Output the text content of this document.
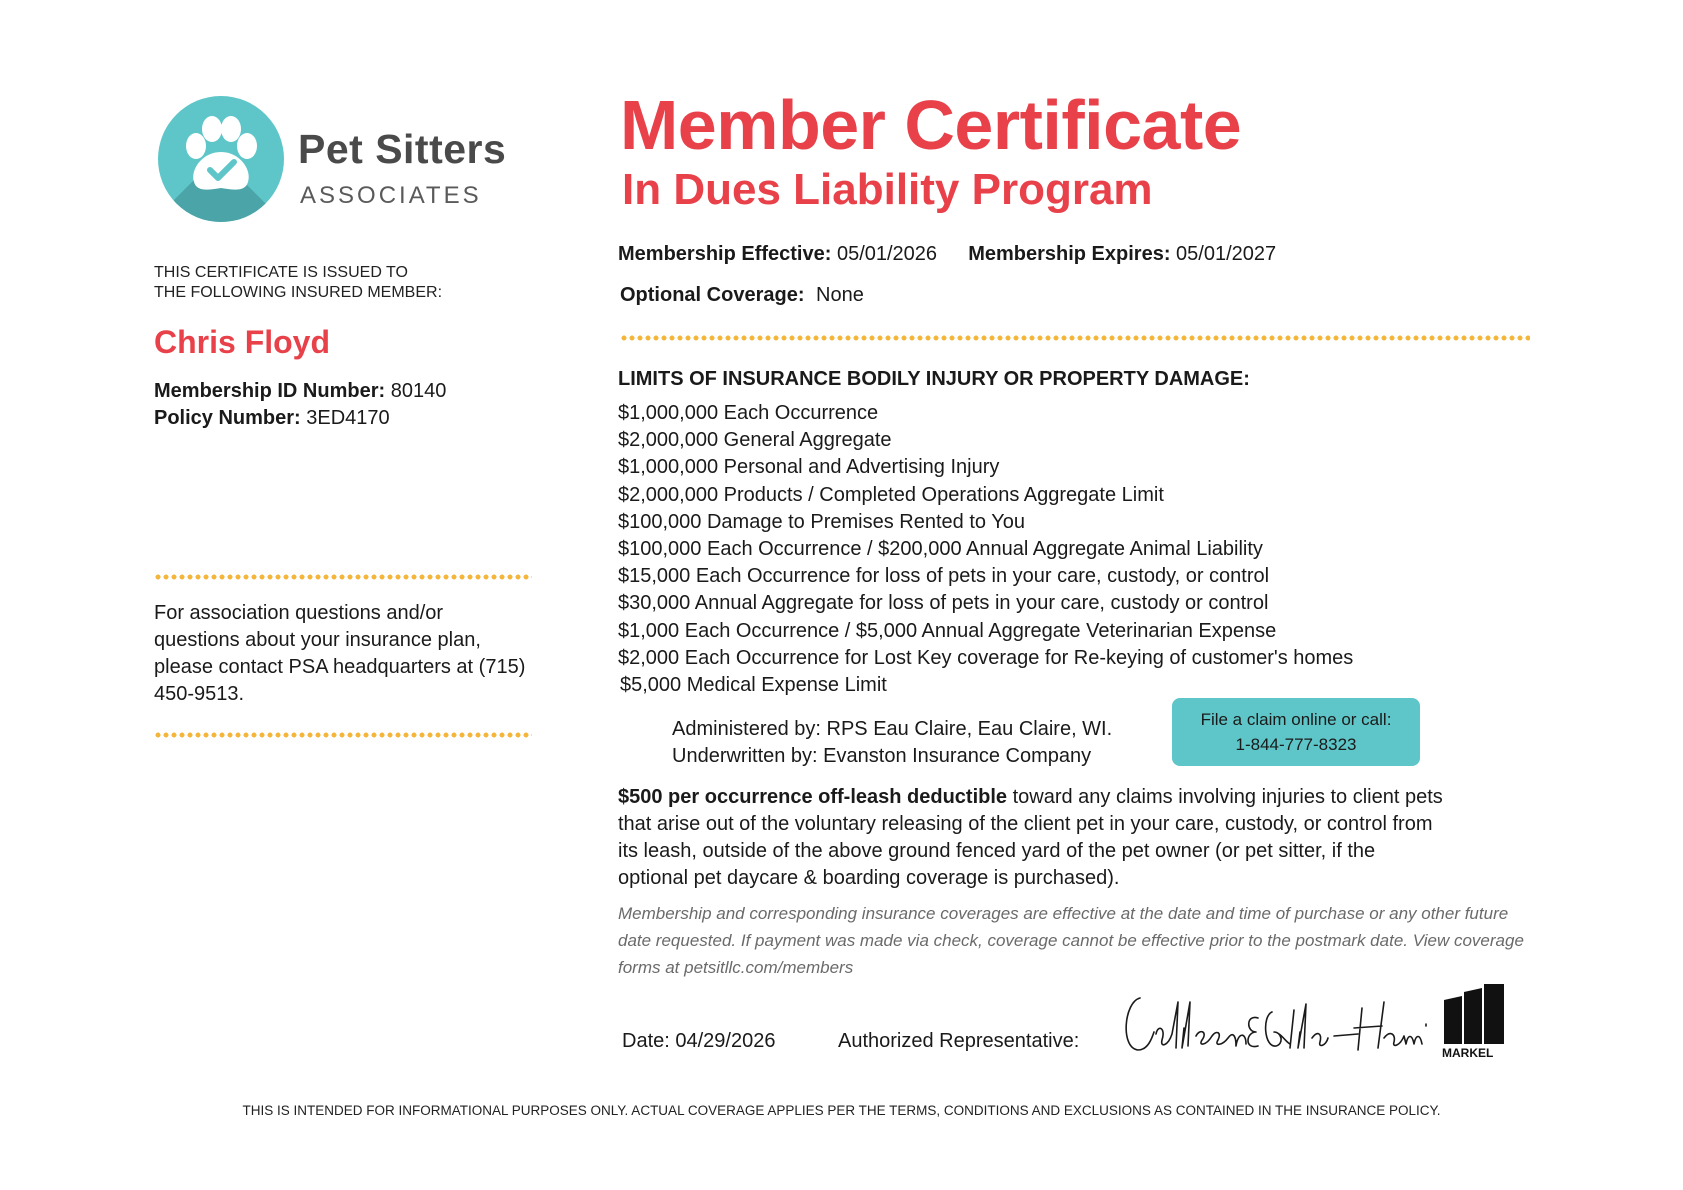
Pet Sitters
ASSOCIATES
Member Certificate
In Dues Liability Program
THIS CERTIFICATE IS ISSUED TO
THE FOLLOWING INSURED MEMBER:
Chris Floyd
Membership ID Number: 80140
Policy Number: 3ED4170
For association questions and/or questions about your insurance plan, please contact PSA headquarters at (715) 450-9513.
Membership Effective: 05/01/2026 Membership Expires: 05/01/2027
Optional Coverage: None
LIMITS OF INSURANCE BODILY INJURY OR PROPERTY DAMAGE:
$1,000,000 Each Occurrence
$2,000,000 General Aggregate
$1,000,000 Personal and Advertising Injury
$2,000,000 Products / Completed Operations Aggregate Limit
$100,000 Damage to Premises Rented to You
$100,000 Each Occurrence / $200,000 Annual Aggregate Animal Liability
$15,000 Each Occurrence for loss of pets in your care, custody, or control
$30,000 Annual Aggregate for loss of pets in your care, custody or control
$1,000 Each Occurrence / $5,000 Annual Aggregate Veterinarian Expense
$2,000 Each Occurrence for Lost Key coverage for Re-keying of customer's homes
$5,000 Medical Expense Limit
Administered by: RPS Eau Claire, Eau Claire, WI.
Underwritten by: Evanston Insurance Company
File a claim online or call:
1-844-777-8323
$500 per occurrence off-leash deductible toward any claims involving injuries to client pets that arise out of the voluntary releasing of the client pet in your care, custody, or control from its leash, outside of the above ground fenced yard of the pet owner (or pet sitter, if the optional pet daycare & boarding coverage is purchased).
Membership and corresponding insurance coverages are effective at the date and time of purchase or any other future date requested. If payment was made via check, coverage cannot be effective prior to the postmark date. View coverage forms at petsitllc.com/members
Date: 04/29/2026	Authorized Representative:
MARKEL
THIS IS INTENDED FOR INFORMATIONAL PURPOSES ONLY. ACTUAL COVERAGE APPLIES PER THE TERMS, CONDITIONS AND EXCLUSIONS AS CONTAINED IN THE INSURANCE POLICY.
